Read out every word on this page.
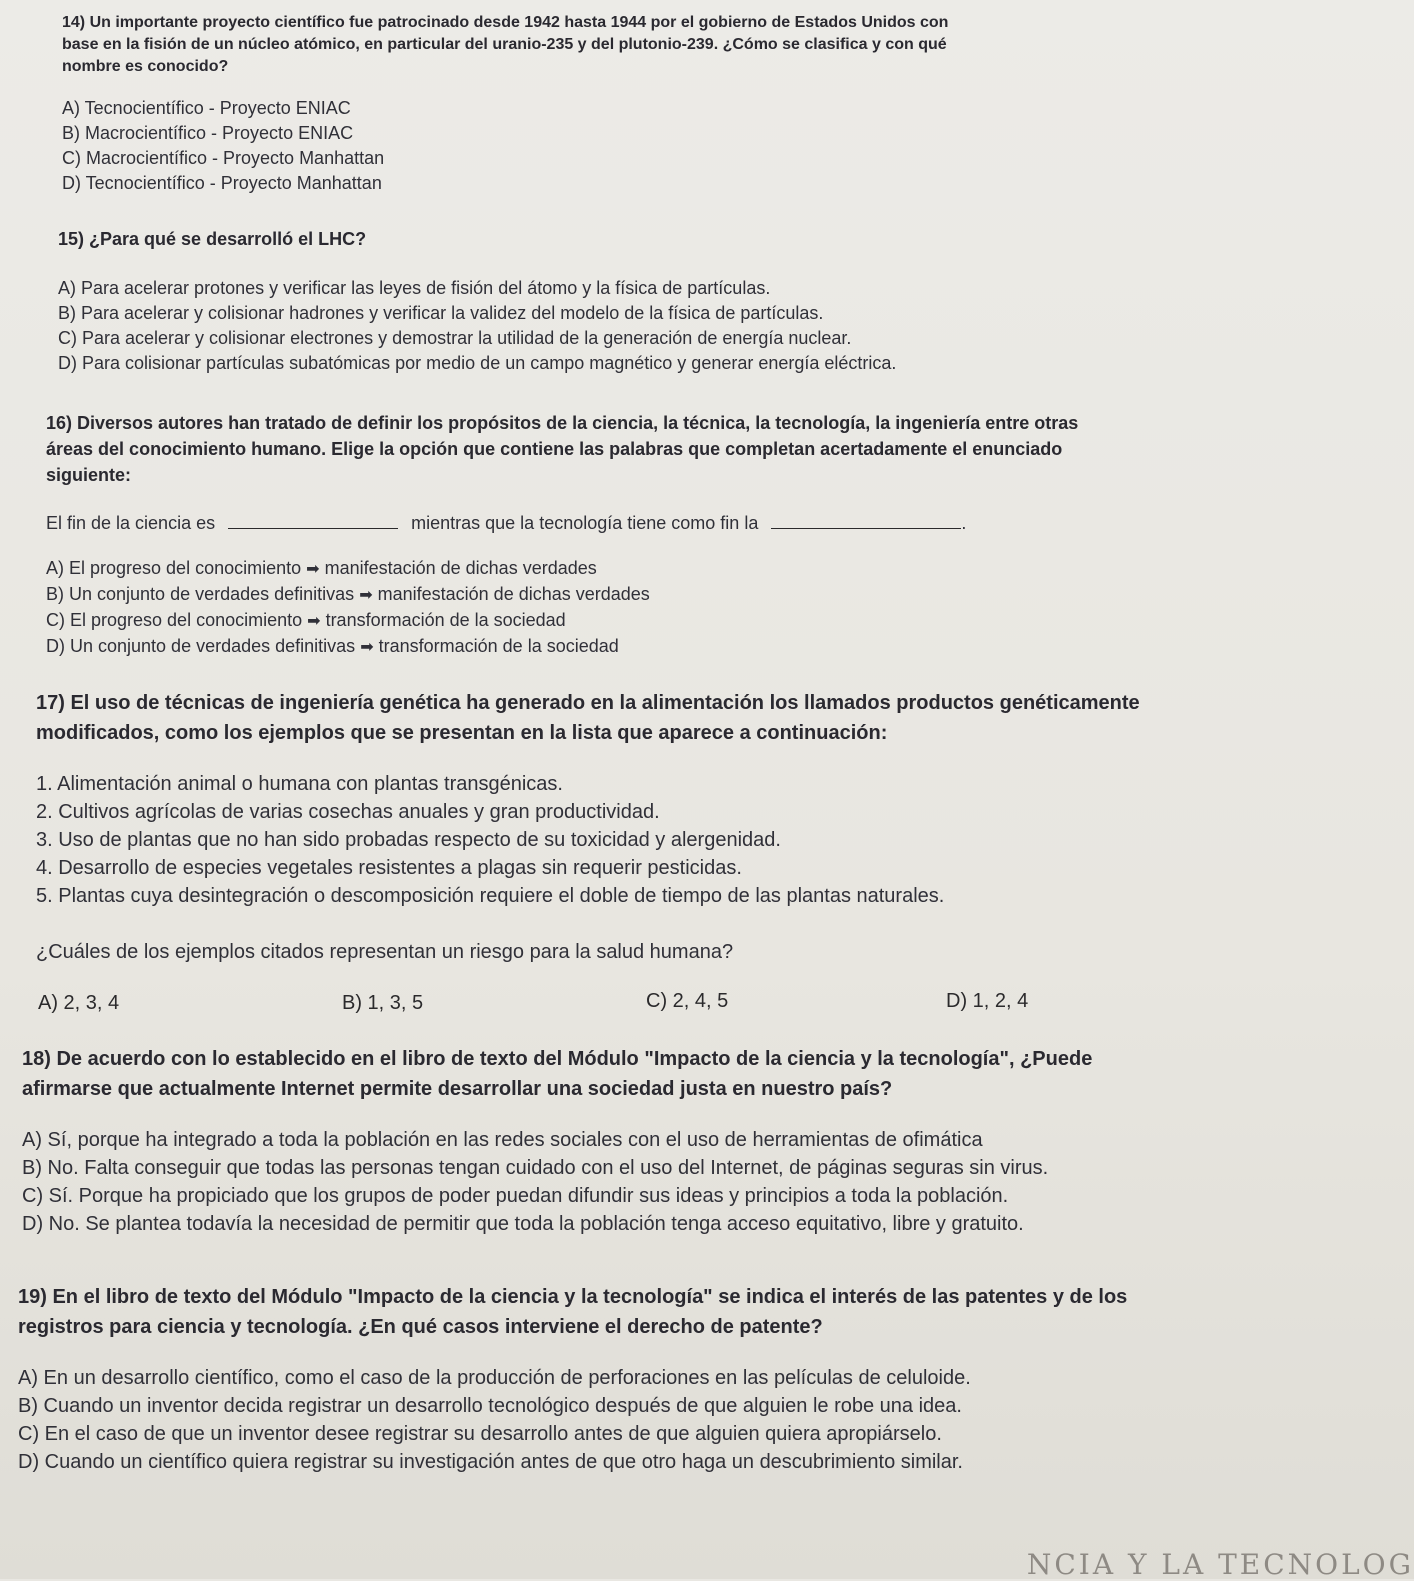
14) Un importante proyecto científico fue patrocinado desde 1942 hasta 1944 por el gobierno de Estados Unidos con
base en la fisión de un núcleo atómico, en particular del uranio-235 y del plutonio-239. ¿Cómo se clasifica y con qué
nombre es conocido?
A) Tecnocientífico - Proyecto ENIAC
B) Macrocientífico - Proyecto ENIAC
C) Macrocientífico - Proyecto Manhattan
D) Tecnocientífico - Proyecto Manhattan
15) ¿Para qué se desarrolló el LHC?
A) Para acelerar protones y verificar las leyes de fisión del átomo y la física de partículas.
B) Para acelerar y colisionar hadrones y verificar la validez del modelo de la física de partículas.
C) Para acelerar y colisionar electrones y demostrar la utilidad de la generación de energía nuclear.
D) Para colisionar partículas subatómicas por medio de un campo magnético y generar energía eléctrica.
16) Diversos autores han tratado de definir los propósitos de la ciencia, la técnica, la tecnología, la ingeniería entre otras
áreas del conocimiento humano. Elige la opción que contiene las palabras que completan acertadamente el enunciado
siguiente:
El fin de la ciencia es	mientras que la tecnología tiene como fin la	.
A) El progreso del conocimiento ➡ manifestación de dichas verdades
B) Un conjunto de verdades definitivas ➡ manifestación de dichas verdades
C) El progreso del conocimiento ➡ transformación de la sociedad
D) Un conjunto de verdades definitivas ➡ transformación de la sociedad
17) El uso de técnicas de ingeniería genética ha generado en la alimentación los llamados productos genéticamente
modificados, como los ejemplos que se presentan en la lista que aparece a continuación:
1. Alimentación animal o humana con plantas transgénicas.
2. Cultivos agrícolas de varias cosechas anuales y gran productividad.
3. Uso de plantas que no han sido probadas respecto de su toxicidad y alergenidad.
4. Desarrollo de especies vegetales resistentes a plagas sin requerir pesticidas.
5. Plantas cuya desintegración o descomposición requiere el doble de tiempo de las plantas naturales.
¿Cuáles de los ejemplos citados representan un riesgo para la salud humana?
A) 2, 3, 4	B) 1, 3, 5	C) 2, 4, 5	D) 1, 2, 4
18) De acuerdo con lo establecido en el libro de texto del Módulo "Impacto de la ciencia y la tecnología", ¿Puede
afirmarse que actualmente Internet permite desarrollar una sociedad justa en nuestro país?
A) Sí, porque ha integrado a toda la población en las redes sociales con el uso de herramientas de ofimática
B) No. Falta conseguir que todas las personas tengan cuidado con el uso del Internet, de páginas seguras sin virus.
C) Sí. Porque ha propiciado que los grupos de poder puedan difundir sus ideas y principios a toda la población.
D) No. Se plantea todavía la necesidad de permitir que toda la población tenga acceso equitativo, libre y gratuito.
19) En el libro de texto del Módulo "Impacto de la ciencia y la tecnología" se indica el interés de las patentes y de los
registros para ciencia y tecnología. ¿En qué casos interviene el derecho de patente?
A) En un desarrollo científico, como el caso de la producción de perforaciones en las películas de celuloide.
B) Cuando un inventor decida registrar un desarrollo tecnológico después de que alguien le robe una idea.
C) En el caso de que un inventor desee registrar su desarrollo antes de que alguien quiera apropiárselo.
D) Cuando un científico quiera registrar su investigación antes de que otro haga un descubrimiento similar.
NCIA Y LA TECNOLOG
